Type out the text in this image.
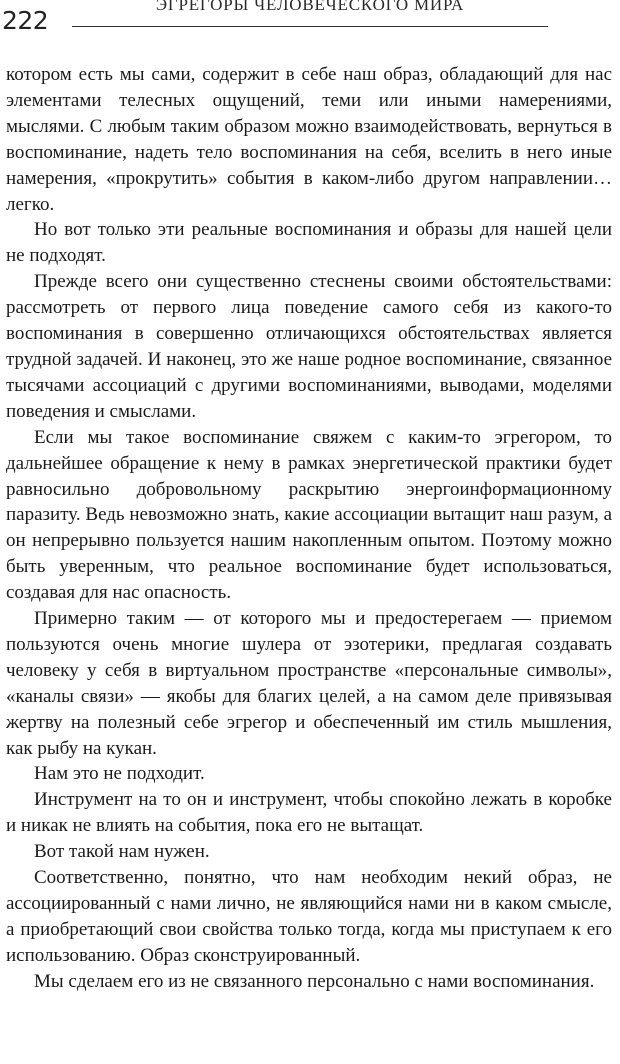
222
ЭГРЕГОРЫ ЧЕЛОВЕЧЕСКОГО МИРА

котором есть мы сами, содержит в себе наш образ, обладающий для нас элементами телесных ощущений, теми или иными намерениями, мыслями. С любым таким образом можно взаимодействовать, вернуться в воспоминание, надеть тело воспоминания на себя, вселить в него иные намерения, «прокрутить» события в каком-либо другом направлении… легко.

Но вот только эти реальные воспоминания и образы для нашей цели не подходят.

Прежде всего они существенно стеснены своими обстоятельствами: рассмотреть от первого лица поведение самого себя из какого-то воспоминания в совершенно отличающихся обстоятельствах является трудной задачей. И наконец, это же наше родное воспоминание, связанное тысячами ассоциаций с другими воспоминаниями, выводами, моделями поведения и смыслами.

Если мы такое воспоминание свяжем с каким-то эгрегором, то дальнейшее обращение к нему в рамках энергетической практики будет равносильно добровольному раскрытию энергоинформационному паразиту. Ведь невозможно знать, какие ассоциации вытащит наш разум, а он непрерывно пользуется нашим накопленным опытом. Поэтому можно быть уверенным, что реальное воспоминание будет использоваться, создавая для нас опасность.

Примерно таким — от которого мы и предостерегаем — приемом пользуются очень многие шулера от эзотерики, предлагая создавать человеку у себя в виртуальном пространстве «персональные символы», «каналы связи» — якобы для благих целей, а на самом деле привязывая жертву на полезный себе эгрегор и обеспеченный им стиль мышления, как рыбу на кукан.

Нам это не подходит.

Инструмент на то он и инструмент, чтобы спокойно лежать в коробке и никак не влиять на события, пока его не вытащат.

Вот такой нам нужен.

Соответственно, понятно, что нам необходим некий образ, не ассоциированный с нами лично, не являющийся нами ни в каком смысле, а приобретающий свои свойства только тогда, когда мы приступаем к его использованию. Образ сконструированный.

Мы сделаем его из не связанного персонально с нами воспоминания.
